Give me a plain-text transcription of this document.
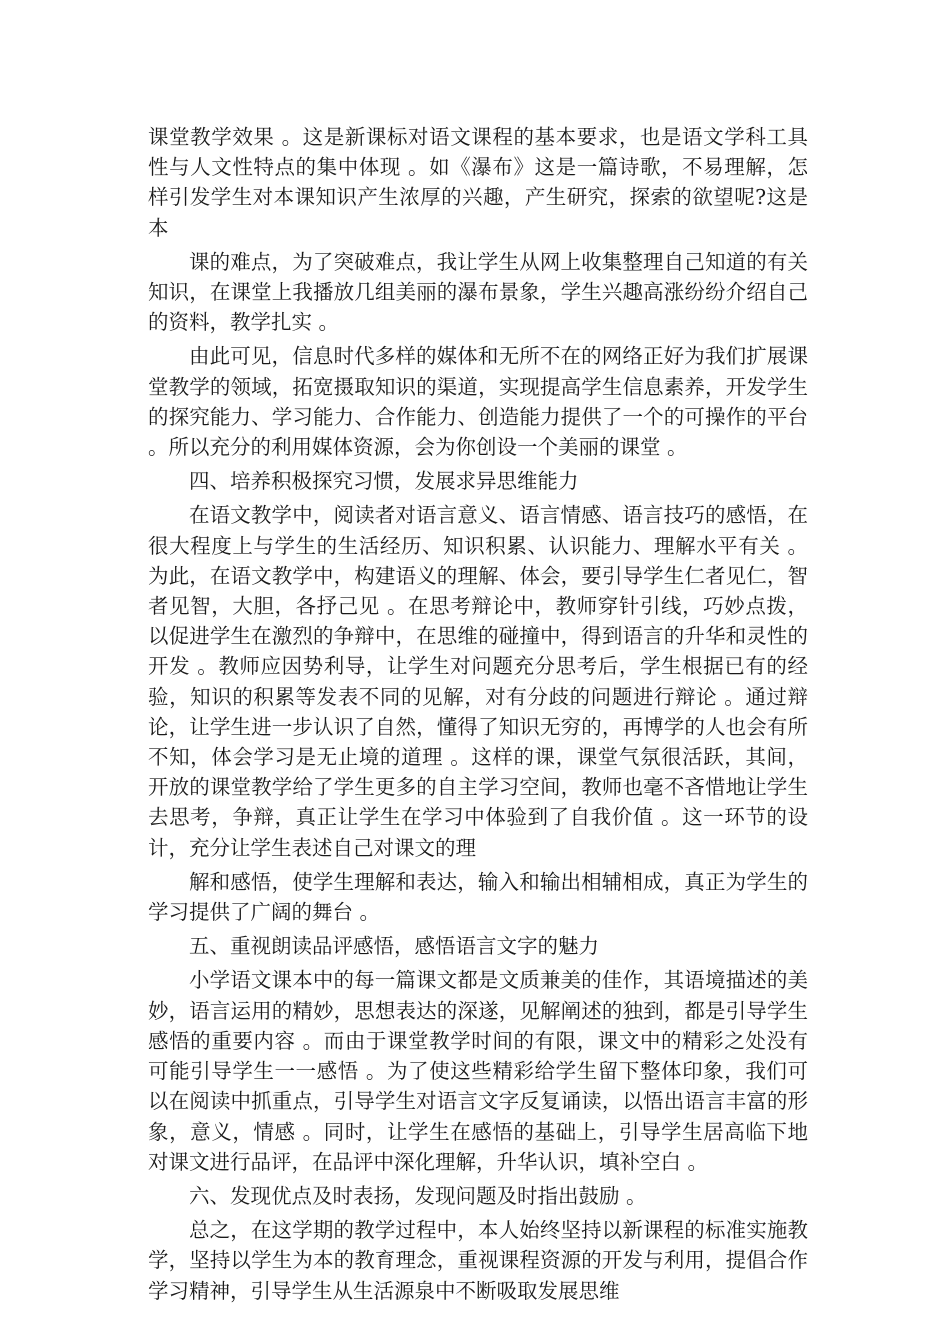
课堂教学效果 。这是新课标对语文课程的基本要求，也是语文学科工具性与人文性特点的集中体现 。如《瀑布》这是一篇诗歌，不易理解，怎样引发学生对本课知识产生浓厚的兴趣，产生研究，探索的欲望呢?这是本

课的难点，为了突破难点，我让学生从网上收集整理自己知道的有关知识，在课堂上我播放几组美丽的瀑布景象，学生兴趣高涨纷纷介绍自己的资料，教学扎实 。

由此可见，信息时代多样的媒体和无所不在的网络正好为我们扩展课堂教学的领域，拓宽摄取知识的渠道，实现提高学生信息素养，开发学生的探究能力、学习能力、合作能力、创造能力提供了一个的可操作的平台 。所以充分的利用媒体资源，会为你创设一个美丽的课堂 。

四、培养积极探究习惯，发展求异思维能力

在语文教学中，阅读者对语言意义、语言情感、语言技巧的感悟，在很大程度上与学生的生活经历、知识积累、认识能力、理解水平有关 。为此，在语文教学中，构建语义的理解、体会，要引导学生仁者见仁，智者见智，大胆，各抒己见 。在思考辩论中，教师穿针引线，巧妙点拨，以促进学生在激烈的争辩中，在思维的碰撞中，得到语言的升华和灵性的开发 。教师应因势利导，让学生对问题充分思考后，学生根据已有的经验，知识的积累等发表不同的见解，对有分歧的问题进行辩论 。通过辩论，让学生进一步认识了自然，懂得了知识无穷的，再博学的人也会有所不知，体会学习是无止境的道理 。这样的课，课堂气氛很活跃，其间，开放的课堂教学给了学生更多的自主学习空间，教师也毫不吝惜地让学生去思考，争辩，真正让学生在学习中体验到了自我价值 。这一环节的设计，充分让学生表述自己对课文的理

解和感悟，使学生理解和表达，输入和输出相辅相成，真正为学生的学习提供了广阔的舞台 。

五、重视朗读品评感悟，感悟语言文字的魅力

小学语文课本中的每一篇课文都是文质兼美的佳作，其语境描述的美妙，语言运用的精妙，思想表达的深遂，见解阐述的独到，都是引导学生感悟的重要内容 。而由于课堂教学时间的有限，课文中的精彩之处没有可能引导学生一一感悟 。为了使这些精彩给学生留下整体印象，我们可以在阅读中抓重点，引导学生对语言文字反复诵读，以悟出语言丰富的形象，意义，情感 。同时，让学生在感悟的基础上，引导学生居高临下地对课文进行品评，在品评中深化理解，升华认识，填补空白 。

六、发现优点及时表扬，发现问题及时指出鼓励 。

总之，在这学期的教学过程中，本人始终坚持以新课程的标准实施教学，坚持以学生为本的教育理念，重视课程资源的开发与利用，提倡合作学习精神，引导学生从生活源泉中不断吸取发展思维
